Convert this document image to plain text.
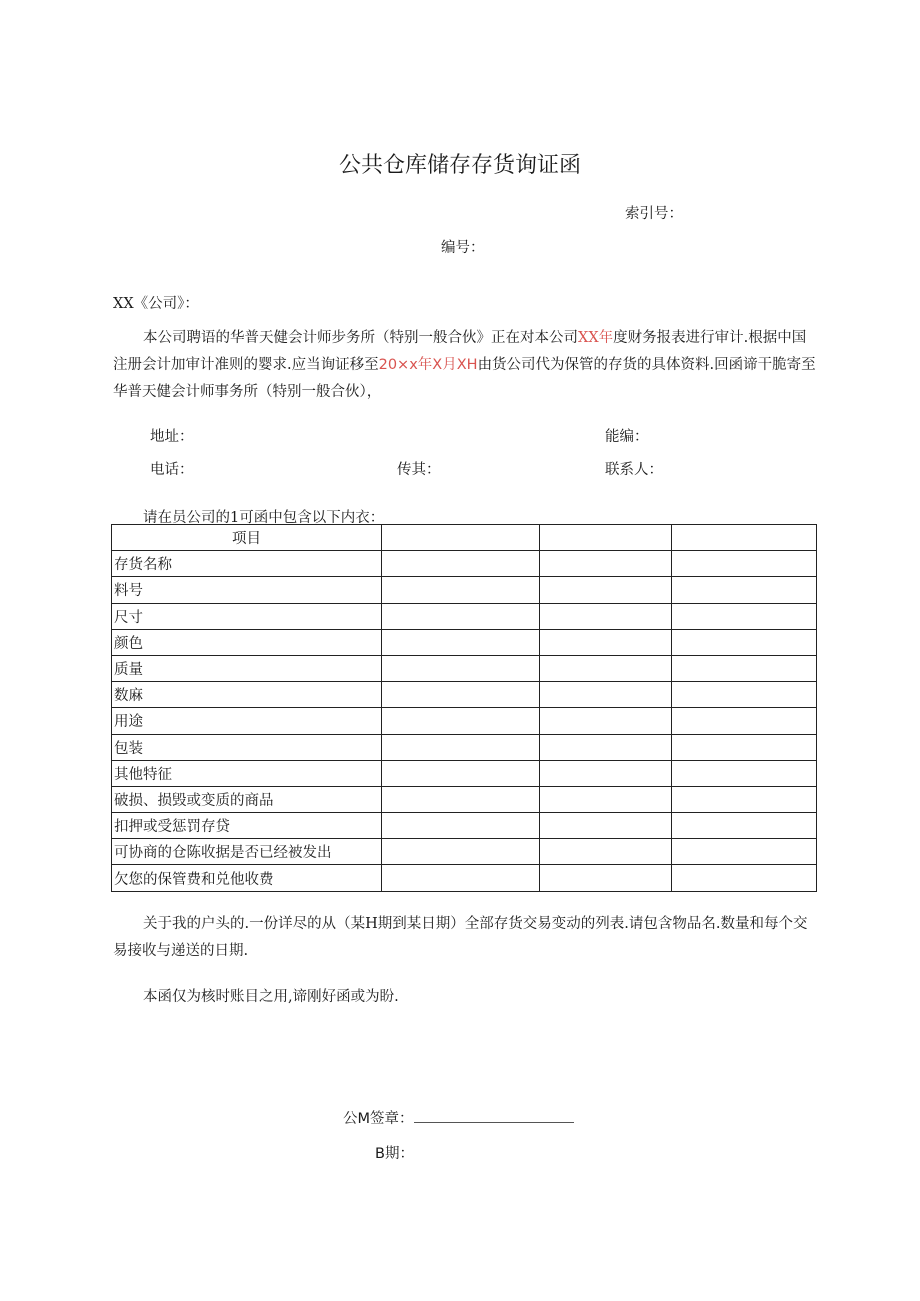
公共仓库储存存货询证函
索引号：
编号：
XX《公司》：
本公司聘语的华普天健会计师步务所（特别一般合伙》正在对本公司XX年度财务报表进行审计.根据中国注册会计加审计准则的婴求.应当询证移至20×x年X月XH由货公司代为保管的存货的具体资料.回函谛干脆寄至华普天健会计师事务所（特别一般合伙），
地址：	能编：
电话：	传其：	联系人：
请在员公司的1可函中包含以下内衣：
项目			
存货名称			
料号			
尺寸			
颜色			
质量			
数麻			
用途			
包装			
其他特征			
破损、损毁或变质的商品			
扣押或受惩罚存贷			
可协商的仓陈收据是否已经被发出			
欠您的保管费和兑他收费			
关于我的户头的.一份详尽的从（某H期到某日期）全部存货交易变动的列表.请包含物品名.数量和每个交易接收与递送的日期.
本函仅为核时账目之用,谛刚好函或为盼.
公M签章：
B期：
